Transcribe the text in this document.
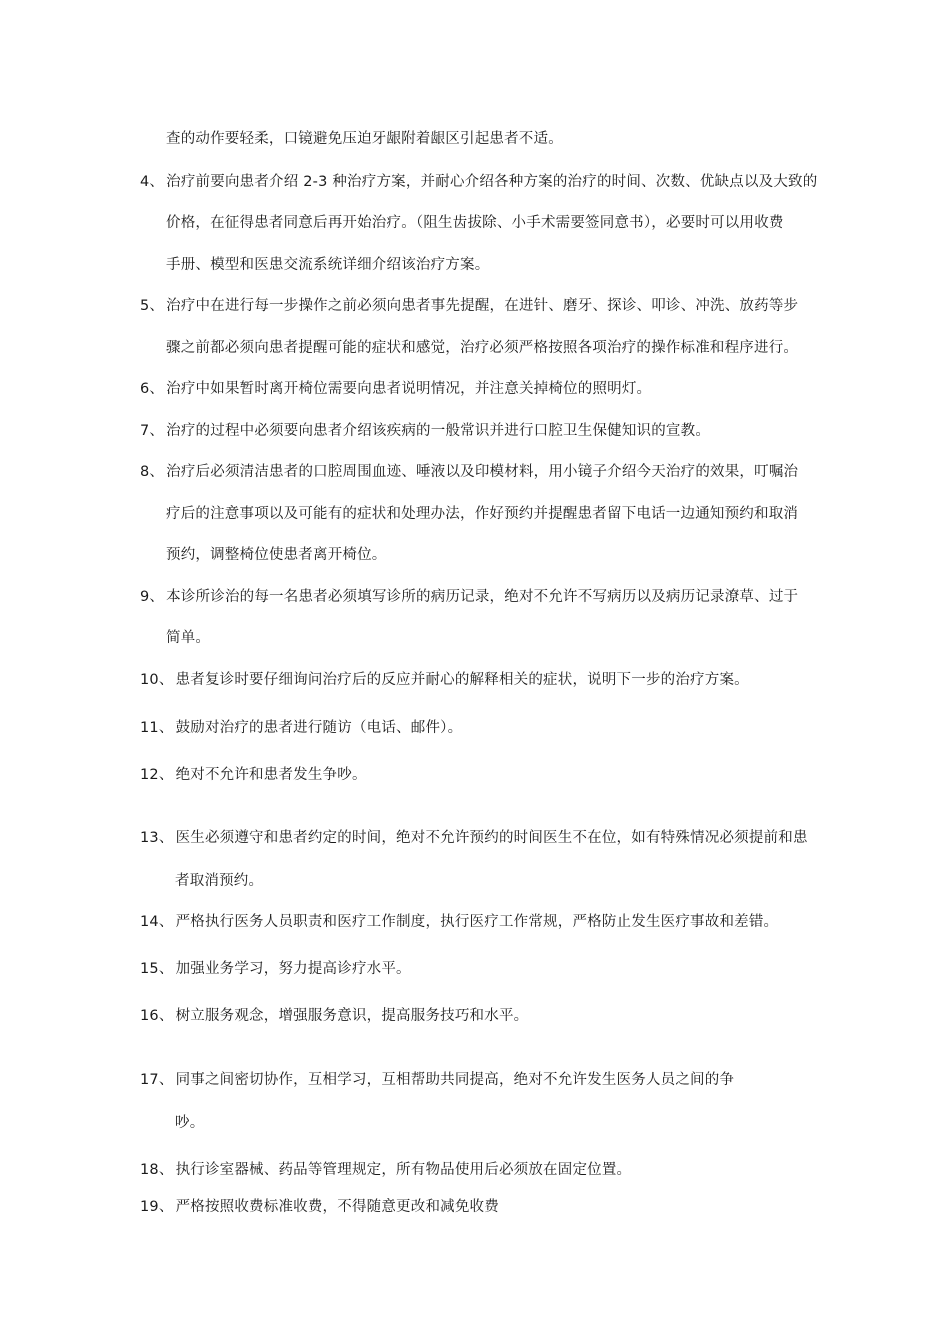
查的动作要轻柔，口镜避免压迫牙龈附着龈区引起患者不适。
4、 治疗前要向患者介绍 2-3 种治疗方案，并耐心介绍各种方案的治疗的时间、次数、优缺点以及大致的
价格，在征得患者同意后再开始治疗。（阻生齿拔除、小手术需要签同意书），必要时可以用收费
手册、模型和医患交流系统详细介绍该治疗方案。
5、 治疗中在进行每一步操作之前必须向患者事先提醒，在进针、磨牙、探诊、叩诊、冲洗、放药等步
骤之前都必须向患者提醒可能的症状和感觉，治疗必须严格按照各项治疗的操作标准和程序进行。
6、 治疗中如果暂时离开椅位需要向患者说明情况，并注意关掉椅位的照明灯。
7、 治疗的过程中必须要向患者介绍该疾病的一般常识并进行口腔卫生保健知识的宣教。
8、 治疗后必须清洁患者的口腔周围血迹、唾液以及印模材料，用小镜子介绍今天治疗的效果，叮嘱治
疗后的注意事项以及可能有的症状和处理办法，作好预约并提醒患者留下电话一边通知预约和取消
预约，调整椅位使患者离开椅位。
9、 本诊所诊治的每一名患者必须填写诊所的病历记录，绝对不允许不写病历以及病历记录潦草、过于
简单。
10、 患者复诊时要仔细询问治疗后的反应并耐心的解释相关的症状，说明下一步的治疗方案。
11、 鼓励对治疗的患者进行随访（电话、邮件）。
12、 绝对不允许和患者发生争吵。
13、 医生必须遵守和患者约定的时间，绝对不允许预约的时间医生不在位，如有特殊情况必须提前和患
者取消预约。
14、 严格执行医务人员职责和医疗工作制度，执行医疗工作常规，严格防止发生医疗事故和差错。
15、 加强业务学习，努力提高诊疗水平。
16、 树立服务观念，增强服务意识，提高服务技巧和水平。
17、 同事之间密切协作，互相学习，互相帮助共同提高，绝对不允许发生医务人员之间的争
吵。
18、 执行诊室器械、药品等管理规定，所有物品使用后必须放在固定位置。
19、 严格按照收费标准收费，不得随意更改和减免收费
